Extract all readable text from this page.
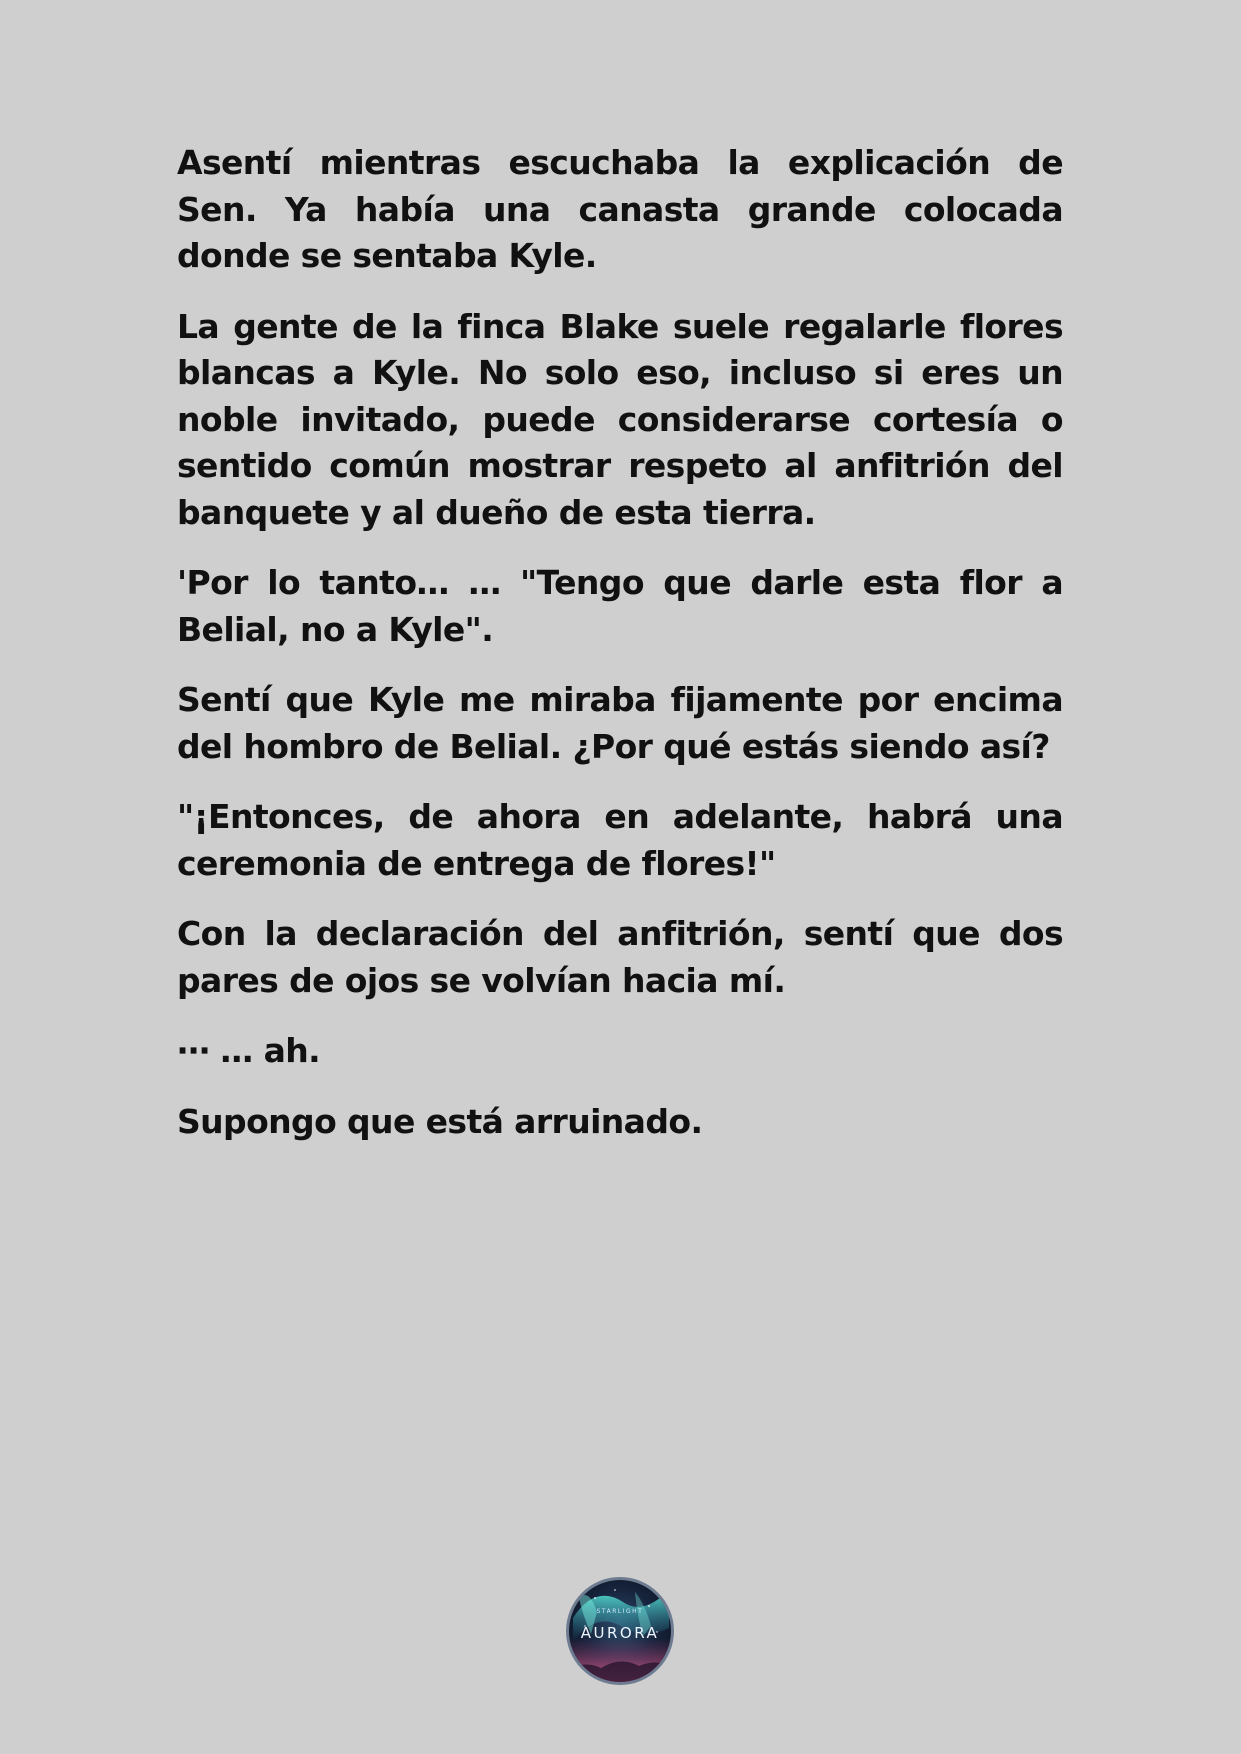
Asentí mientras escuchaba la explicación de Sen. Ya había una canasta grande colocada donde se sentaba Kyle.

La gente de la finca Blake suele regalarle flores blancas a Kyle. No solo eso, incluso si eres un noble invitado, puede considerarse cortesía o sentido común mostrar respeto al anfitrión del banquete y al dueño de esta tierra.

'Por lo tanto… … "Tengo que darle esta flor a Belial, no a Kyle".

Sentí que Kyle me miraba fijamente por encima del hombro de Belial. ¿Por qué estás siendo así?

"¡Entonces, de ahora en adelante, habrá una ceremonia de entrega de flores!"

Con la declaración del anfitrión, sentí que dos pares de ojos se volvían hacia mí.

⋯ … ah.

Supongo que está arruinado.

STARLIGHT
AURORA
